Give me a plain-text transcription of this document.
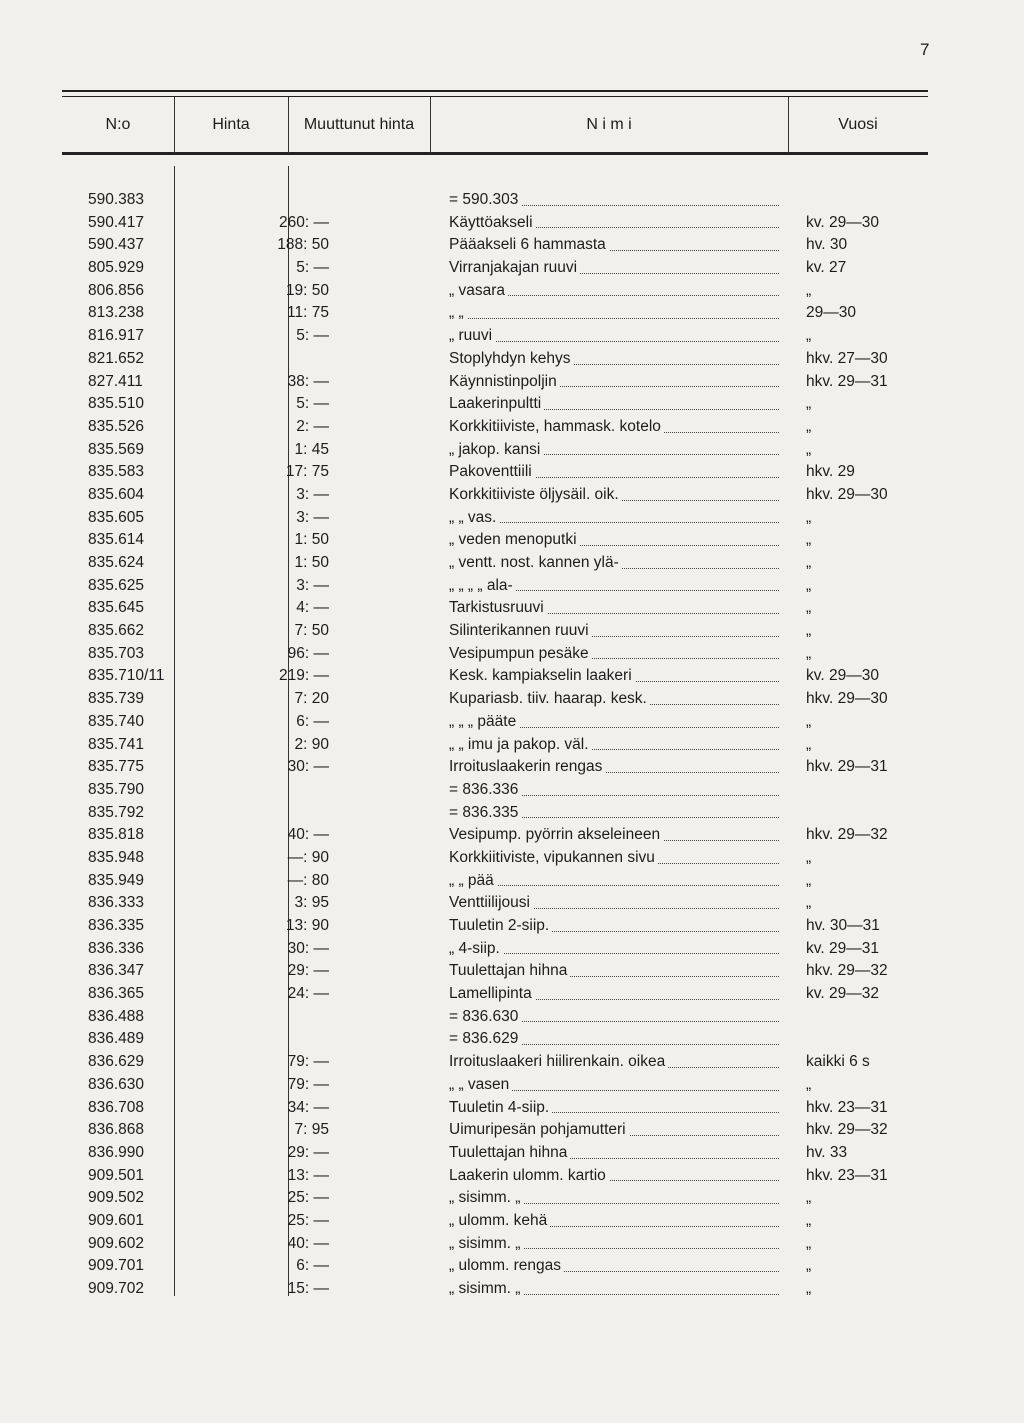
7
N:o	Hinta	Muuttunut hinta	N i m i	Vuosi
590.383	= 590.303
590.417	260: —	Käyttöakseli	kv. 29—30
590.437	188: 50	Pääakseli 6 hammasta	hv. 30
805.929	5: —	Virranjakajan ruuvi	kv. 27
806.856	19: 50	„ vasara	„
813.238	11: 75	„ „	29—30
816.917	5: —	„ ruuvi	„
821.652	Stoplyhdyn kehys	hkv. 27—30
827.411	38: —	Käynnistinpoljin	hkv. 29—31
835.510	5: —	Laakerinpultti	„
835.526	2: —	Korkkitiiviste, hammask. kotelo	„
835.569	1: 45	„ jakop. kansi	„
835.583	17: 75	Pakoventtiili	hkv. 29
835.604	3: —	Korkkitiiviste öljysäil. oik.	hkv. 29—30
835.605	3: —	„ „ vas.	„
835.614	1: 50	„ veden menoputki	„
835.624	1: 50	„ ventt. nost. kannen ylä-	„
835.625	3: —	„ „ „ „ ala-	„
835.645	4: —	Tarkistusruuvi	„
835.662	7: 50	Silinterikannen ruuvi	„
835.703	96: —	Vesipumpun pesäke	„
835.710/11	219: —	Kesk. kampiakselin laakeri	kv. 29—30
835.739	7: 20	Kupariasb. tiiv. haarap. kesk.	hkv. 29—30
835.740	6: —	„ „ „ pääte	„
835.741	2: 90	„ „ imu ja pakop. väl.	„
835.775	30: —	Irroituslaakerin rengas	hkv. 29—31
835.790	= 836.336
835.792	= 836.335
835.818	40: —	Vesipump. pyörrin akseleineen	hkv. 29—32
835.948	—: 90	Korkkiitiviste, vipukannen sivu	„
835.949	—: 80	„ „ pää	„
836.333	3: 95	Venttiilijousi	„
836.335	13: 90	Tuuletin 2-siip.	hv. 30—31
836.336	30: —	„ 4-siip.	kv. 29—31
836.347	29: —	Tuulettajan hihna	hkv. 29—32
836.365	24: —	Lamellipinta	kv. 29—32
836.488	= 836.630
836.489	= 836.629
836.629	79: —	Irroituslaakeri hiilirenkain. oikea	kaikki 6 s
836.630	79: —	„ „ vasen	„
836.708	34: —	Tuuletin 4-siip.	hkv. 23—31
836.868	7: 95	Uimuripesän pohjamutteri	hkv. 29—32
836.990	29: —	Tuulettajan hihna	hv. 33
909.501	13: —	Laakerin ulomm. kartio	hkv. 23—31
909.502	25: —	„ sisimm. „	„
909.601	25: —	„ ulomm. kehä	„
909.602	40: —	„ sisimm. „	„
909.701	6: —	„ ulomm. rengas	„
909.702	15: —	„ sisimm. „	„
